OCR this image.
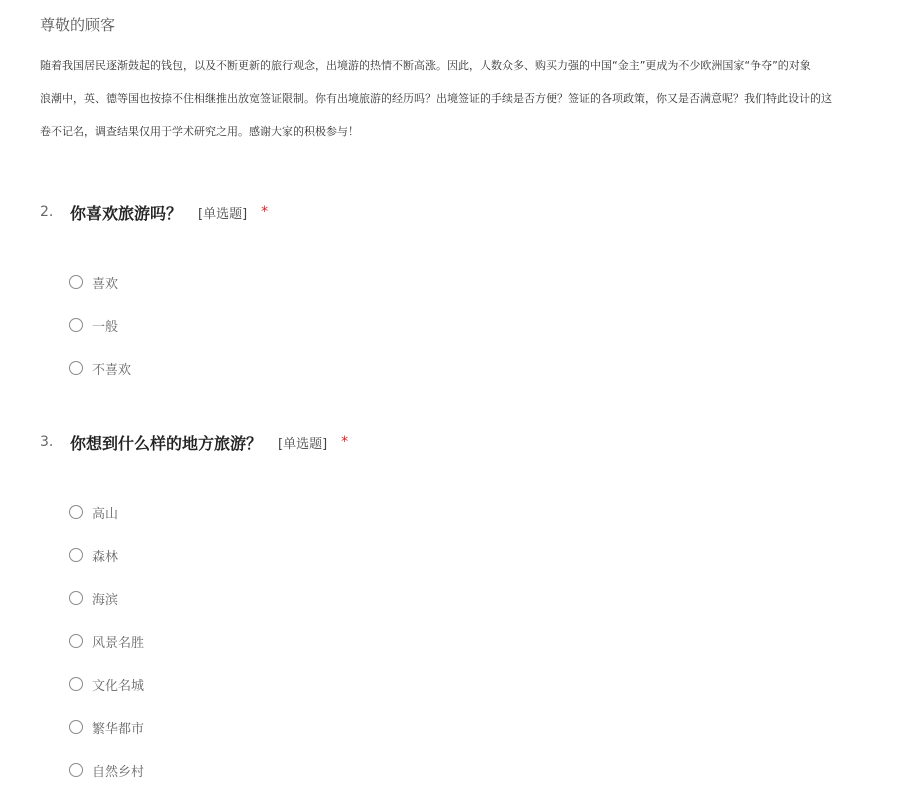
尊敬的顾客
随着我国居民逐渐鼓起的钱包，以及不断更新的旅行观念，出境游的热情不断高涨。因此，人数众多、购买力强的中国“金主”更成为不少欧洲国家“争夺”的对象
浪潮中，英、德等国也按捺不住相继推出放宽签证限制。你有出境旅游的经历吗？出境签证的手续是否方便？签证的各项政策，你又是否满意呢？我们特此设计的这
卷不记名，调查结果仅用于学术研究之用。感谢大家的积极参与！
2.	你喜欢旅游吗？ [单选题] *
喜欢
一般
不喜欢
3.	你想到什么样的地方旅游？ [单选题] *
高山
森林
海滨
风景名胜
文化名城
繁华都市
自然乡村
